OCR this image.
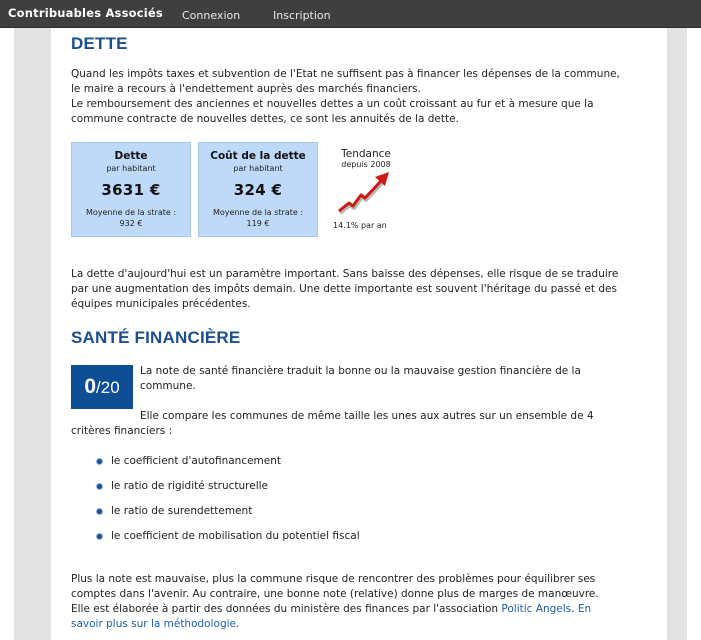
Contribuables Associés Connexion	Inscription
DETTE
Quand les impôts taxes et subvention de l'Etat ne suffisent pas à financer les dépenses de la commune,
le maire a recours à l'endettement auprès des marchés financiers.
Le remboursement des anciennes et nouvelles dettes a un coût croissant au fur et à mesure que la
commune contracte de nouvelles dettes, ce sont les annuités de la dette.
Dette
par habitant
3631 €
Moyenne de la strate :
932 €
Coût de la dette
par habitant
324 €
Moyenne de la strate :
119 €
Tendance
depuis 2008
14.1% par an
La dette d'aujourd'hui est un paramètre important. Sans baisse des dépenses, elle risque de se traduire
par une augmentation des impôts demain. Une dette importante est souvent l'héritage du passé et des
équipes municipales précédentes.
SANTÉ FINANCIÈRE
0/20
La note de santé financière traduit la bonne ou la mauvaise gestion financière de la
commune.
Elle compare les communes de même taille les unes aux autres sur un ensemble de 4
critères financiers :
le coefficient d'autofinancement
le ratio de rigidité structurelle
le ratio de surendettement
le coefficient de mobilisation du potentiel fiscal
Plus la note est mauvaise, plus la commune risque de rencontrer des problèmes pour équilibrer ses
comptes dans l'avenir. Au contraire, une bonne note (relative) donne plus de marges de manœuvre.
Elle est élaborée à partir des données du ministère des finances par l'association Politic Angels. En
savoir plus sur la méthodologie.
